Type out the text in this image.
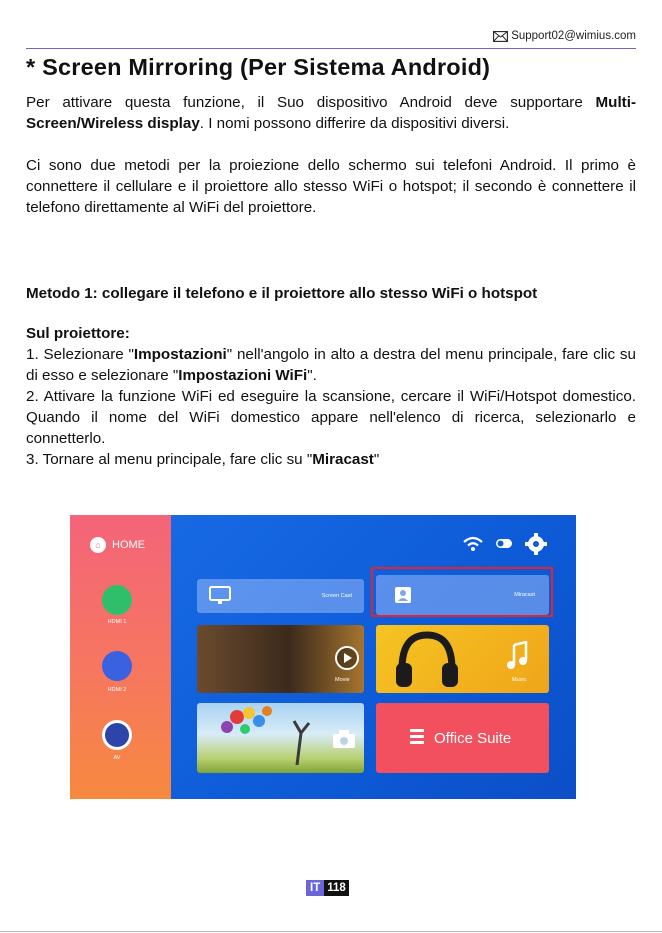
Support02@wimius.com
* Screen Mirroring (Per Sistema Android)

Per attivare questa funzione, il Suo dispositivo Android deve supportare Multi-Screen/Wireless display. I nomi possono differire da dispositivi diversi.

Ci sono due metodi per la proiezione dello schermo sui telefoni Android. Il primo è connettere il cellulare e il proiettore allo stesso WiFi o hotspot; il secondo è connettere il telefono direttamente al WiFi del proiettore.

Metodo 1: collegare il telefono e il proiettore allo stesso WiFi o hotspot

Sul proiettore:
1. Selezionare "Impostazioni" nell'angolo in alto a destra del menu principale, fare clic su di esso e selezionare "Impostazioni WiFi".
2. Attivare la funzione WiFi ed eseguire la scansione, cercare il WiFi/Hotspot domestico. Quando il nome del WiFi domestico appare nell'elenco di ricerca, selezionarlo e connetterlo.
3. Tornare al menu principale, fare clic su "Miracast"
⌂	HOME
HDMI 1
HDMI 2
AV
Screen Cast	Miracast
Movie	Music
Office Suite
IT 118
